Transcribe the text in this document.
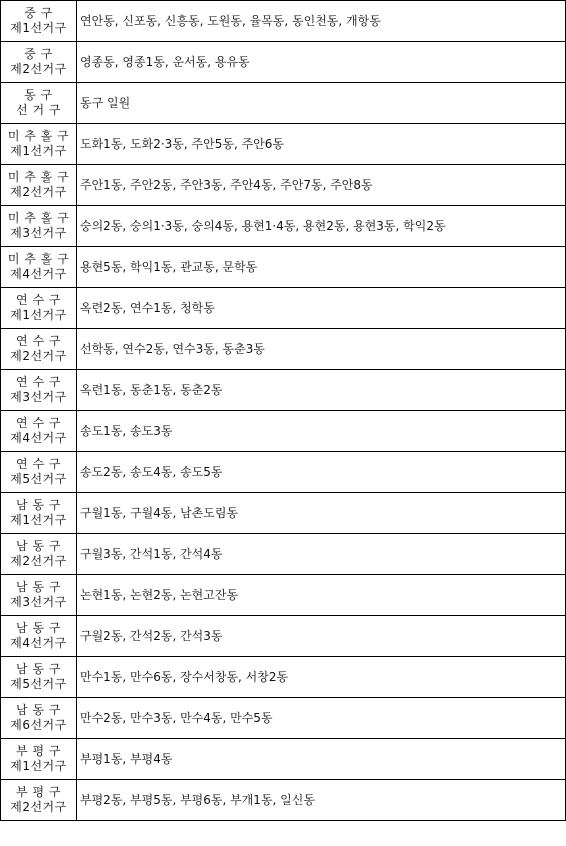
중 구
제1선거구	연안동, 신포동, 신흥동, 도원동, 율목동, 동인천동, 개항동

중 구
제2선거구	영종동, 영종1동, 운서동, 용유동

동 구
선 거 구	동구 일원

미 추 홀 구
제1선거구	도화1동, 도화2·3동, 주안5동, 주안6동

미 추 홀 구
제2선거구	주안1동, 주안2동, 주안3동, 주안4동, 주안7동, 주안8동

미 추 홀 구
제3선거구	숭의2동, 숭의1·3동, 숭의4동, 용현1·4동, 용현2동, 용현3동, 학익2동

미 추 홀 구
제4선거구	용현5동, 학익1동, 관교동, 문학동

연 수 구
제1선거구	옥련2동, 연수1동, 청학동

연 수 구
제2선거구	선학동, 연수2동, 연수3동, 동춘3동

연 수 구
제3선거구	옥련1동, 동춘1동, 동춘2동

연 수 구
제4선거구	송도1동, 송도3동

연 수 구
제5선거구	송도2동, 송도4동, 송도5동

남 동 구
제1선거구	구월1동, 구월4동, 남촌도림동

남 동 구
제2선거구	구월3동, 간석1동, 간석4동

남 동 구
제3선거구	논현1동, 논현2동, 논현고잔동

남 동 구
제4선거구	구월2동, 간석2동, 간석3동

남 동 구
제5선거구	만수1동, 만수6동, 장수서창동, 서창2동

남 동 구
제6선거구	만수2동, 만수3동, 만수4동, 만수5동

부 평 구
제1선거구	부평1동, 부평4동

부 평 구
제2선거구	부평2동, 부평5동, 부평6동, 부개1동, 일신동
